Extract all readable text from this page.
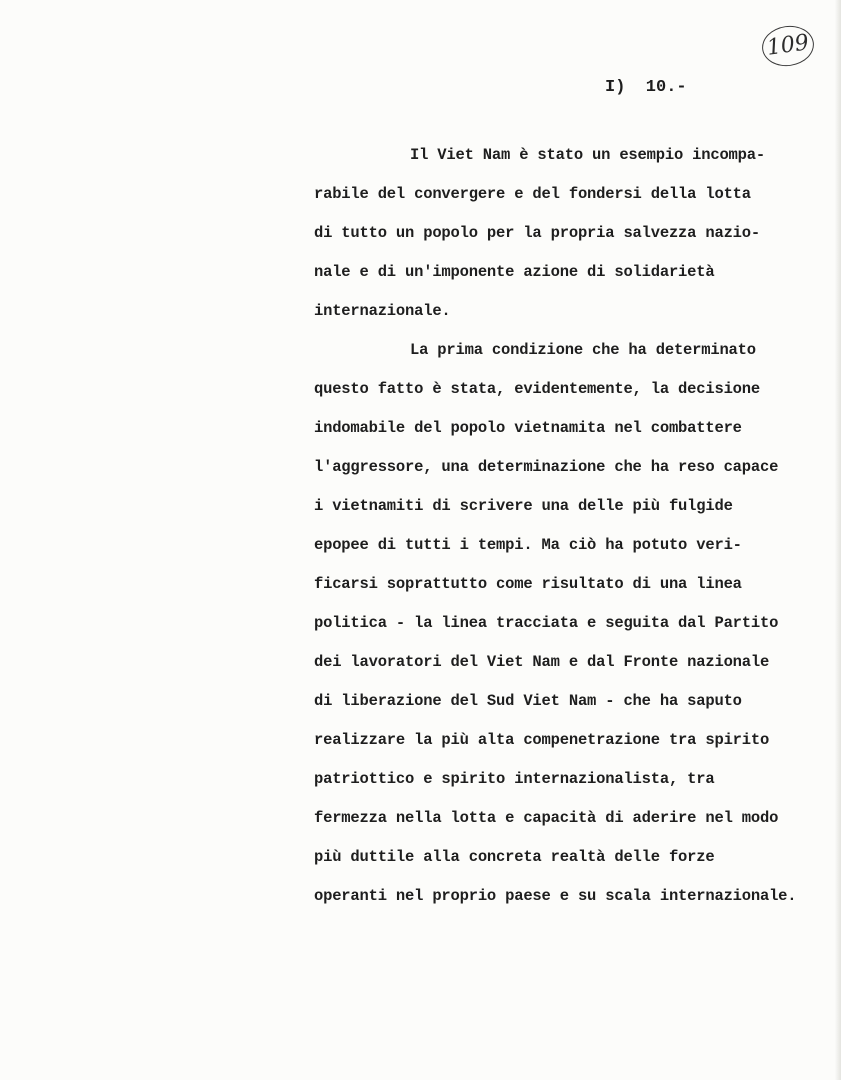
109
I)  10.-
Il Viet Nam è stato un esempio incompa-
rabile del convergere e del fondersi della lotta
di tutto un popolo per la propria salvezza nazio-
nale e di un'imponente azione di solidarietà
internazionale.
La prima condizione che ha determinato
questo fatto è stata, evidentemente, la decisione
indomabile del popolo vietnamita nel combattere
l'aggressore, una determinazione che ha reso capace
i vietnamiti di scrivere una delle più fulgide
epopee di tutti i tempi. Ma ciò ha potuto veri-
ficarsi soprattutto come risultato di una linea
politica - la linea tracciata e seguita dal Partito
dei lavoratori del Viet Nam e dal Fronte nazionale
di liberazione del Sud Viet Nam - che ha saputo
realizzare la più alta compenetrazione tra spirito
patriottico e spirito internazionalista, tra
fermezza nella lotta e capacità di aderire nel modo
più duttile alla concreta realtà delle forze
operanti nel proprio paese e su scala internazionale.
